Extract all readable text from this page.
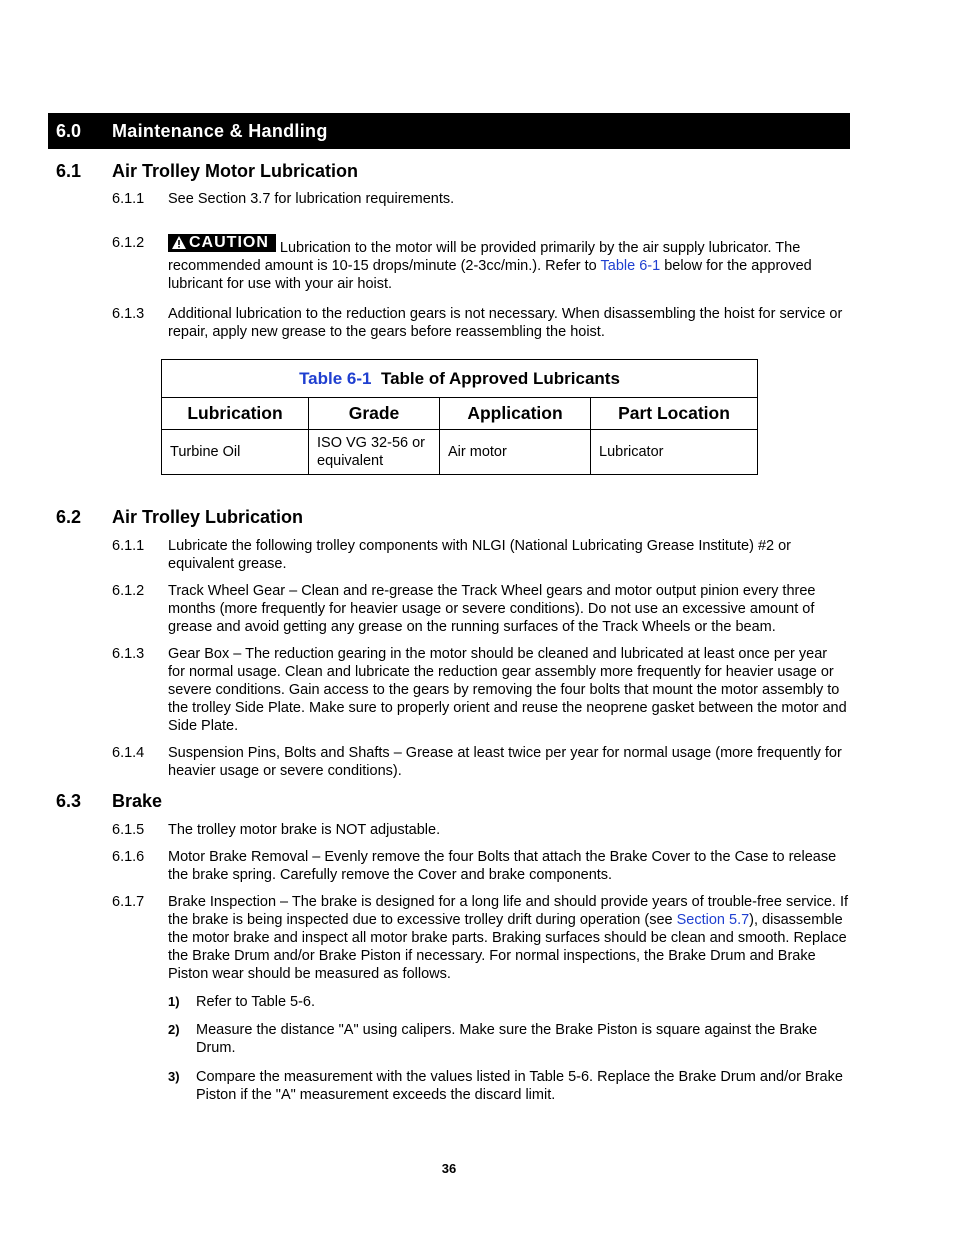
6.0 Maintenance & Handling
6.1 Air Trolley Motor Lubrication
6.1.1 See Section 3.7 for lubrication requirements.
6.1.2	CAUTION Lubrication to the motor will be provided primarily by the air supply lubricator. The recommended amount is 10-15 drops/minute (2-3cc/min.). Refer to Table 6-1 below for the approved lubricant for use with your air hoist.
6.1.3 Additional lubrication to the reduction gears is not necessary. When disassembling the hoist for service or repair, apply new grease to the gears before reassembling the hoist.
Table 6-1 Table of Approved Lubricants			
Lubrication	Grade	Application	Part Location
Turbine Oil	ISO VG 32-56 or equivalent	Air motor	Lubricator
6.2 Air Trolley Lubrication
6.1.1 Lubricate the following trolley components with NLGI (National Lubricating Grease Institute) #2 or equivalent grease.
6.1.2 Track Wheel Gear – Clean and re-grease the Track Wheel gears and motor output pinion every three months (more frequently for heavier usage or severe conditions). Do not use an excessive amount of grease and avoid getting any grease on the running surfaces of the Track Wheels or the beam.
6.1.3 Gear Box – The reduction gearing in the motor should be cleaned and lubricated at least once per year for normal usage. Clean and lubricate the reduction gear assembly more frequently for heavier usage or severe conditions. Gain access to the gears by removing the four bolts that mount the motor assembly to the trolley Side Plate. Make sure to properly orient and reuse the neoprene gasket between the motor and Side Plate.
6.1.4 Suspension Pins, Bolts and Shafts – Grease at least twice per year for normal usage (more frequently for heavier usage or severe conditions).
6.3 Brake
6.1.5 The trolley motor brake is NOT adjustable.
6.1.6 Motor Brake Removal – Evenly remove the four Bolts that attach the Brake Cover to the Case to release the brake spring. Carefully remove the Cover and brake components.
6.1.7 Brake Inspection – The brake is designed for a long life and should provide years of trouble-free service. If the brake is being inspected due to excessive trolley drift during operation (see Section 5.7), disassemble the motor brake and inspect all motor brake parts. Braking surfaces should be clean and smooth. Replace the Brake Drum and/or Brake Piston if necessary. For normal inspections, the Brake Drum and Brake Piston wear should be measured as follows.
1) Refer to Table 5-6.
2) Measure the distance "A" using calipers. Make sure the Brake Piston is square against the Brake Drum.
3) Compare the measurement with the values listed in Table 5-6. Replace the Brake Drum and/or Brake Piston if the "A" measurement exceeds the discard limit.
36
